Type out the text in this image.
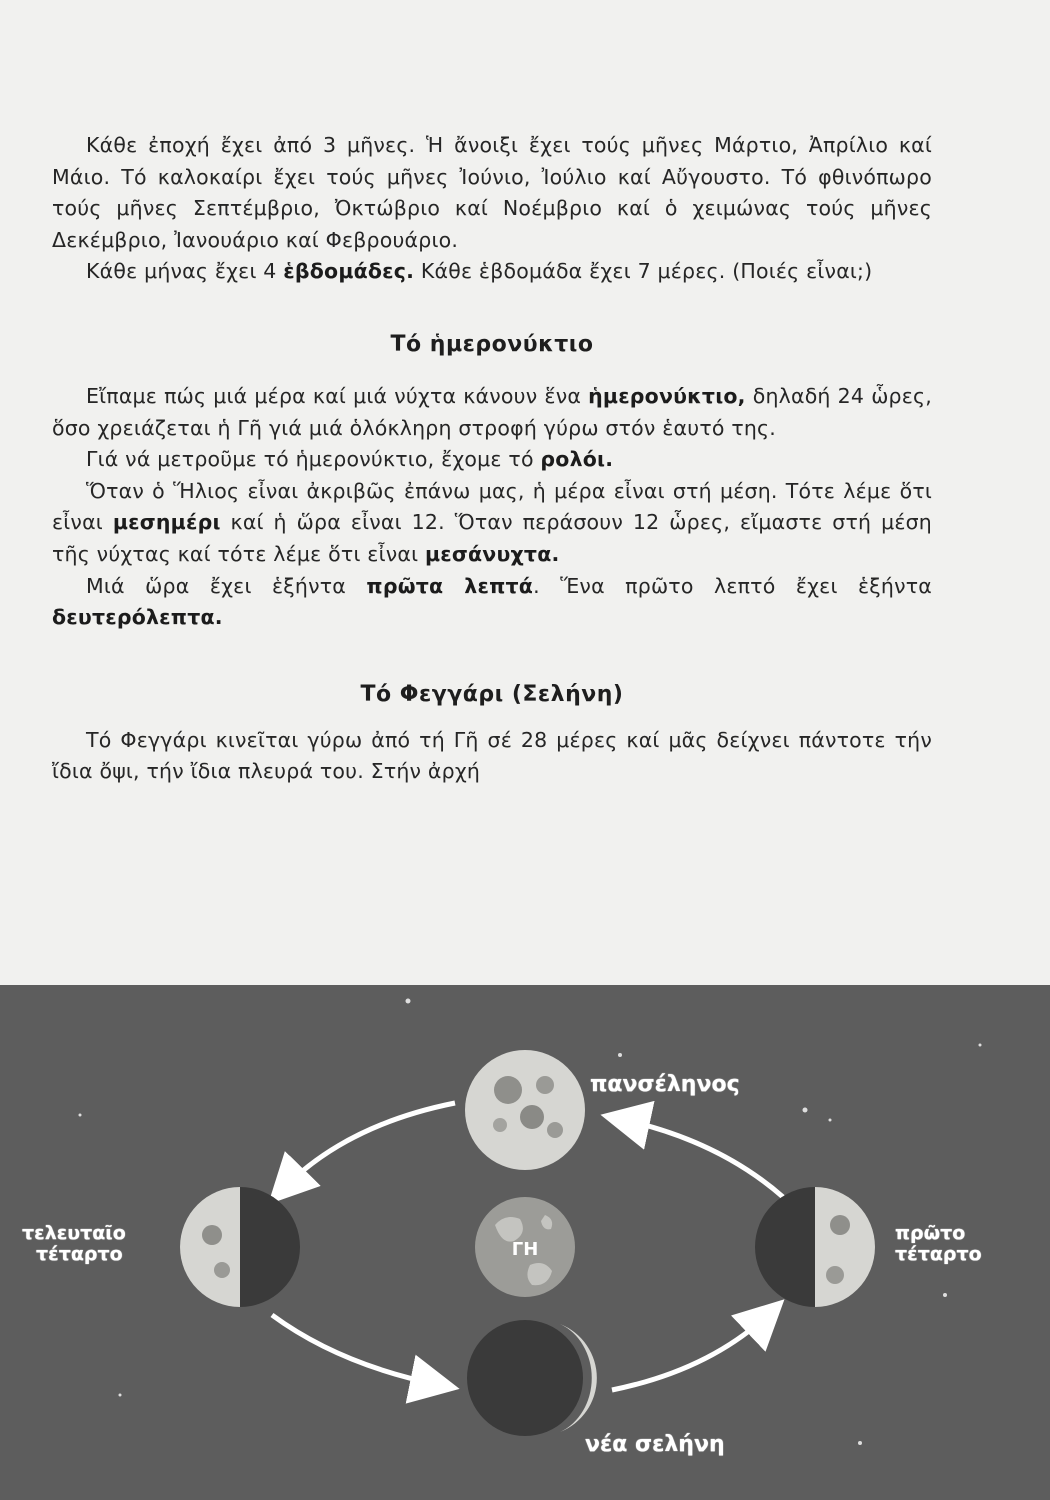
Κάθε ἐποχή ἔχει ἀπό 3 μῆνες. Ἡ ἄνοιξι ἔχει τούς μῆνες Μάρτιο, Ἀπρίλιο καί Μάιο. Τό καλοκαίρι ἔχει τούς μῆνες Ἰούνιο, Ἰούλιο καί Αὔγουστο. Τό φθινόπωρο τούς μῆνες Σεπτέμβριο, Ὀκτώβριο καί Νοέμβριο καί ὁ χειμώνας τούς μῆνες Δεκέμβριο, Ἰανουάριο καί Φεβρουάριο.

Κάθε μήνας ἔχει 4 ἑβδομάδες. Κάθε ἑβδομάδα ἔχει 7 μέρες. (Ποιές εἶναι;)

Τό ἡμερονύκτιο

Εἴπαμε πώς μιά μέρα καί μιά νύχτα κάνουν ἕνα ἡμερονύκτιο, δηλαδή 24 ὧρες, ὅσο χρειάζεται ἡ Γῆ γιά μιά ὁλόκληρη στροφή γύρω στόν ἑαυτό της.

Γιά νά μετροῦμε τό ἡμερονύκτιο, ἔχομε τό ρολόι.

Ὅταν ὁ Ἥλιος εἶναι ἀκριβῶς ἐπάνω μας, ἡ μέρα εἶναι στή μέση. Τότε λέμε ὅτι εἶναι μεσημέρι καί ἡ ὥρα εἶναι 12. Ὅταν περάσουν 12 ὧρες, εἴμαστε στή μέση τῆς νύχτας καί τότε λέμε ὅτι εἶναι μεσάνυχτα.

Μιά ὥρα ἔχει ἑξήντα πρῶτα λεπτά. Ἕνα πρῶτο λεπτό ἔχει ἑξήντα δευτερόλεπτα.

Τό Φεγγάρι (Σελήνη)

Τό Φεγγάρι κινεῖται γύρω ἀπό τή Γῆ σέ 28 μέρες καί μᾶς δείχνει πάντοτε τήν ἴδια ὄψι, τήν ἴδια πλευρά του. Στήν ἀρχή

ΓΗ
πανσέληνος
τελευταῖο
τέταρτο
πρῶτο
τέταρτο
νέα σελήνη
